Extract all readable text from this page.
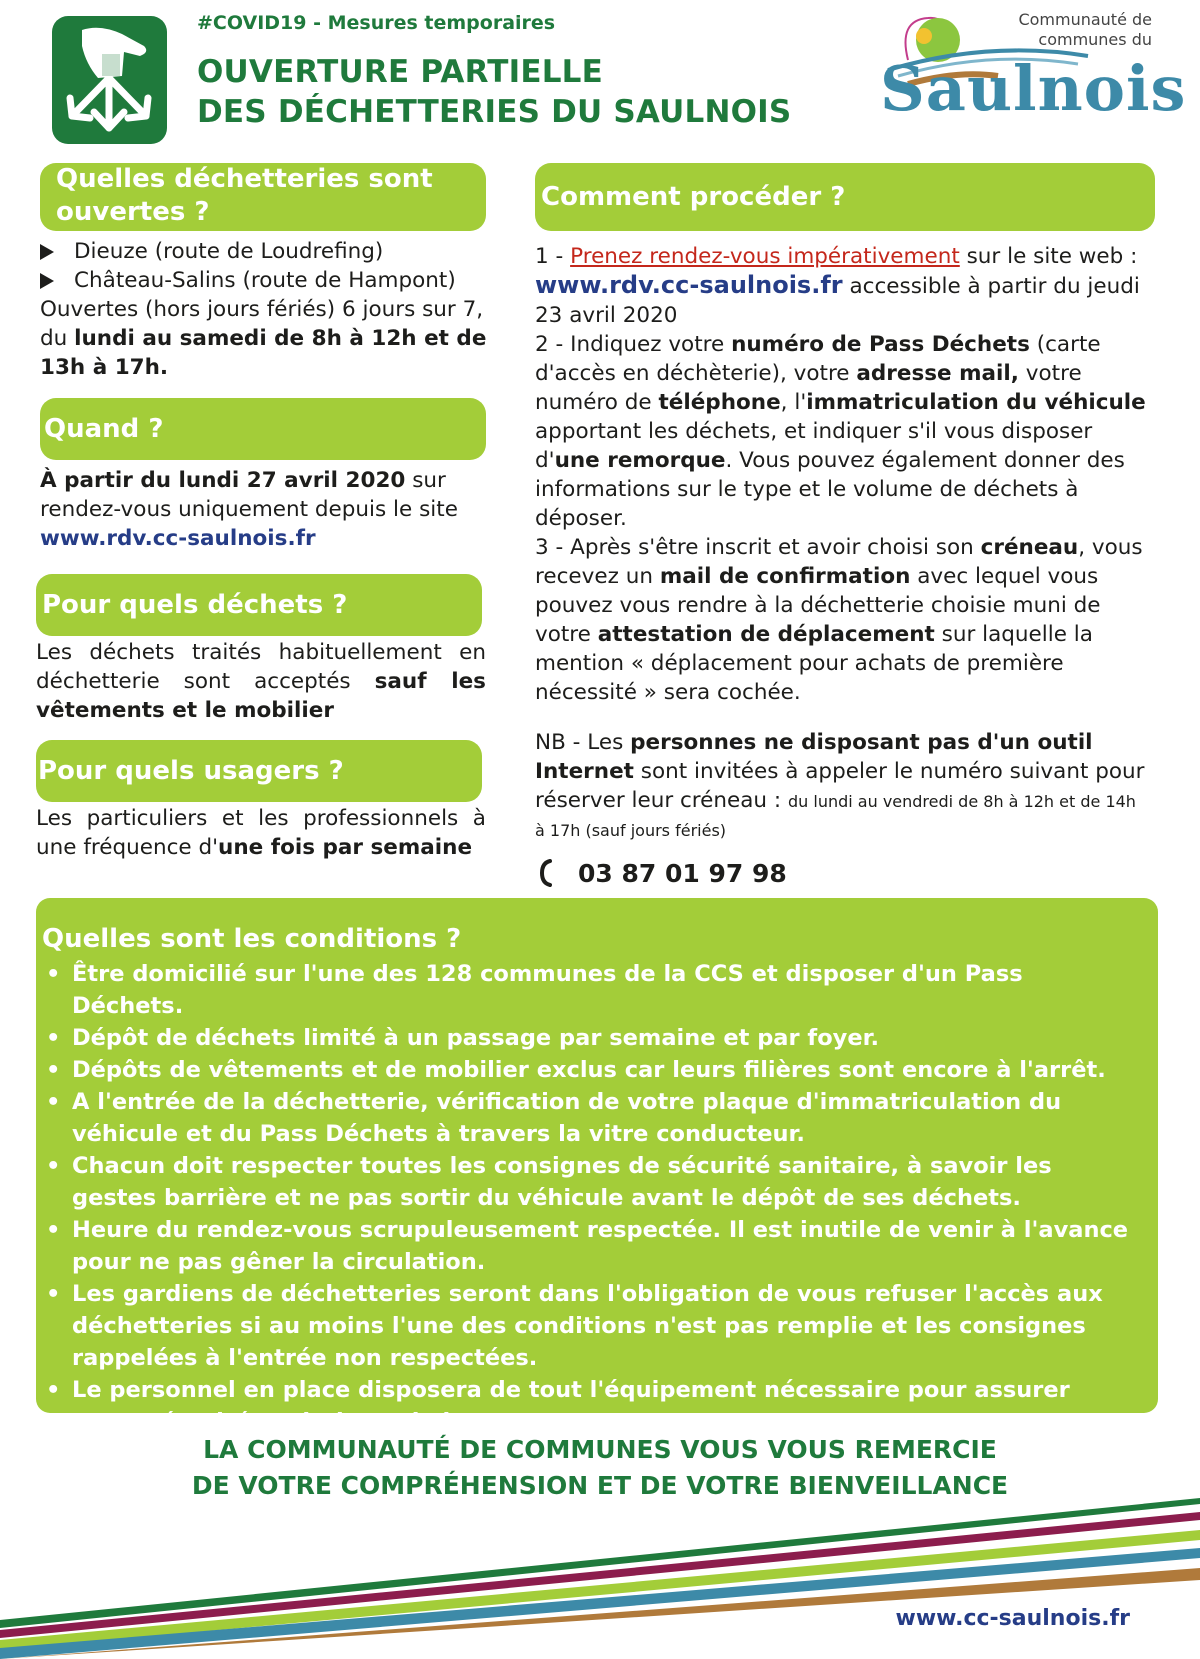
#COVID19 - Mesures temporaires
OUVERTURE PARTIELLE
DES DÉCHETTERIES DU SAULNOIS
Communauté de
communes du
Saulnois
Quelles déchetteries sont ouvertes ?
Dieuze (route de Loudrefing)
Château-Salins (route de Hampont)
Ouvertes (hors jours fériés) 6 jours sur 7, du lundi au samedi de 8h à 12h et de 13h à 17h.
Quand ?
À partir du lundi 27 avril 2020 sur rendez-vous uniquement depuis le site
www.rdv.cc-saulnois.fr
Pour quels déchets ?
Les déchets traités habituellement en déchetterie sont acceptés sauf les vêtements et le mobilier
Pour quels usagers ?
Les particuliers et les professionnels à une fréquence d'une fois par semaine
Comment procéder ?
1 - Prenez rendez-vous impérativement sur le site web : www.rdv.cc-saulnois.fr accessible à partir du jeudi 23 avril 2020
2 - Indiquez votre numéro de Pass Déchets (carte d'accès en déchèterie), votre adresse mail, votre numéro de téléphone, l'immatriculation du véhicule apportant les déchets, et indiquer s'il vous disposer d'une remorque. Vous pouvez également donner des informations sur le type et le volume de déchets à déposer.
3 - Après s'être inscrit et avoir choisi son créneau, vous recevez un mail de confirmation avec lequel vous pouvez vous rendre à la déchetterie choisie muni de votre attestation de déplacement sur laquelle la mention « déplacement pour achats de première nécessité » sera cochée.
NB - Les personnes ne disposant pas d'un outil Internet sont invitées à appeler le numéro suivant pour réserver leur créneau : du lundi au vendredi de 8h à 12h et de 14h à 17h (sauf jours fériés)
03 87 01 97 98
Quelles sont les conditions ?
• Être domicilié sur l'une des 128 communes de la CCS et disposer d'un Pass Déchets.
• Dépôt de déchets limité à un passage par semaine et par foyer.
• Dépôts de vêtements et de mobilier exclus car leurs filières sont encore à l'arrêt.
• A l'entrée de la déchetterie, vérification de votre plaque d'immatriculation du véhicule et du Pass Déchets à travers la vitre conducteur.
• Chacun doit respecter toutes les consignes de sécurité sanitaire, à savoir les gestes barrière et ne pas sortir du véhicule avant le dépôt de ses déchets.
• Heure du rendez-vous scrupuleusement respectée. Il est inutile de venir à l'avance pour ne pas gêner la circulation.
• Les gardiens de déchetteries seront dans l'obligation de vous refuser l'accès aux déchetteries si au moins l'une des conditions n'est pas remplie et les consignes rappelées à l'entrée non respectées.
• Le personnel en place disposera de tout l'équipement nécessaire pour assurer votre sécurité sanitaire et la leur.
LA COMMUNAUTÉ DE COMMUNES VOUS VOUS REMERCIE
DE VOTRE COMPRÉHENSION ET DE VOTRE BIENVEILLANCE
www.cc-saulnois.fr
